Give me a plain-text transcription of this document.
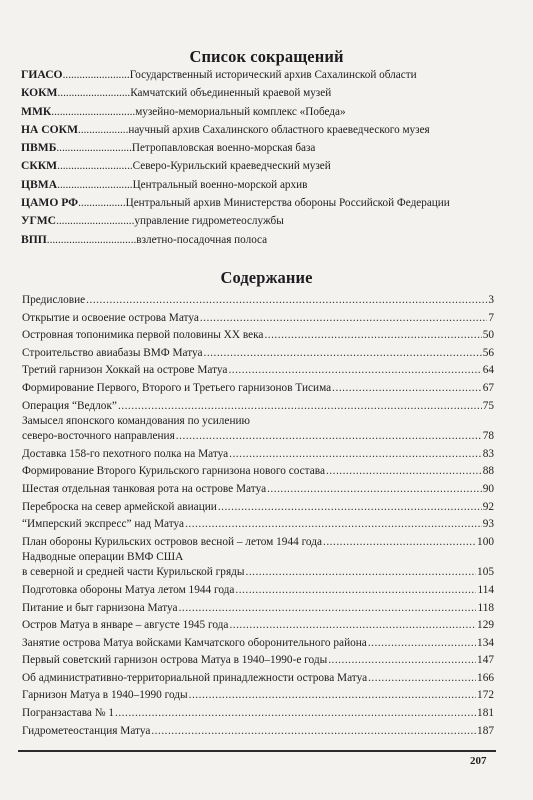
Список сокращений
ГИАСО ........................ Государственный исторический архив Сахалинской области
КОКМ .......................... Камчатский объединенный краевой музей
ММК .............................. музейно-мемориальный комплекс «Победа»
НА СОКМ .................. научный архив Сахалинского областного краеведческого музея
ПВМБ ........................... Петропавловская военно-морская база
СККМ ........................... Северо-Курильский краеведческий музей
ЦВМА ........................... Центральный военно-морской архив
ЦАМО РФ ................. Центральный архив Министерства обороны Российской Федерации
УГМС ............................ управление гидрометеослужбы
ВПП ................................ взлетно-посадочная полоса
Содержание
Предисловие .....	3
Открытие и освоение острова Матуа .....	7
Островная топонимика первой половины XX века .....	50
Строительство авиабазы ВМФ Матуа .....	56
Третий гарнизон Хоккай на острове Матуа .....	64
Формирование Первого, Второго и Третьего гарнизонов Тисима .....	67
Операция “Ведлок” .....	75
Замысел японского командования по усилению
северо-восточного направления .....	78
Доставка 158-го пехотного полка на Матуа .....	83
Формирование Второго Курильского гарнизона нового состава .....	88
Шестая отдельная танковая рота на острове Матуа .....	90
Переброска на север армейской авиации .....	92
“Имперский экспресс” над Матуа .....	93
План обороны Курильских островов весной – летом 1944 года .....	100
Надводные операции ВМФ США
в северной и средней части Курильской гряды .....	105
Подготовка обороны Матуа летом 1944 года .....	114
Питание и быт гарнизона Матуа .....	118
Остров Матуа в январе – августе 1945 года .....	129
Занятие острова Матуа войсками Камчатского оборонительного района .....	134
Первый советский гарнизон острова Матуа в 1940–1990-е годы .....	147
Об административно-территориальной принадлежности острова Матуа .....	166
Гарнизон Матуа в 1940–1990 годы .....	172
Погранзастава № 1 .....	181
Гидрометеостанция Матуа .....	187
207
